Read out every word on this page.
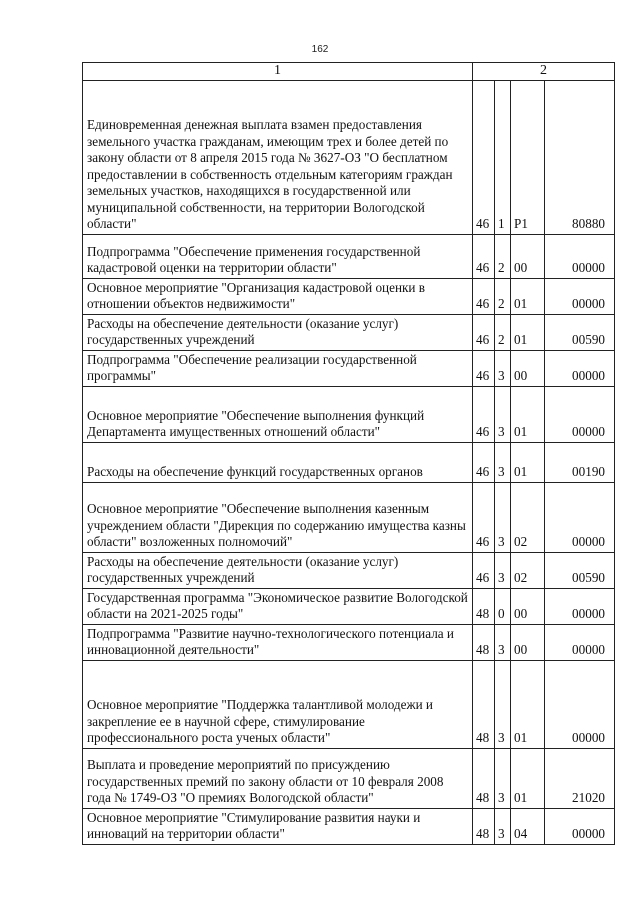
162
1	2			
Единовременная денежная выплата взамен предоставления земельного участка гражданам, имеющим трех и более детей по закону области от 8 апреля 2015 года № 3627-ОЗ "О бесплатном предоставлении в собственность отдельным категориям граждан земельных участков, находящихся в государственной или муниципальной собственности, на территории Вологодской области"	46	1	P1	80880
Подпрограмма "Обеспечение применения государственной кадастровой оценки на территории области"	46	2	00	00000
Основное мероприятие "Организация кадастровой оценки в отношении объектов недвижимости"	46	2	01	00000
Расходы на обеспечение деятельности (оказание услуг) государственных учреждений	46	2	01	00590
Подпрограмма "Обеспечение реализации государственной программы"	46	3	00	00000
Основное мероприятие "Обеспечение выполнения функций Департамента имущественных отношений области"	46	3	01	00000
Расходы на обеспечение функций государственных органов	46	3	01	00190
Основное мероприятие "Обеспечение выполнения казенным учреждением области "Дирекция по содержанию имущества казны области" возложенных полномочий"	46	3	02	00000
Расходы на обеспечение деятельности (оказание услуг) государственных учреждений	46	3	02	00590
Государственная программа "Экономическое развитие Вологодской области на 2021-2025 годы"	48	0	00	00000
Подпрограмма "Развитие научно-технологического потенциала и инновационной деятельности"	48	3	00	00000
Основное мероприятие "Поддержка талантливой молодежи и закрепление ее в научной сфере, стимулирование профессионального роста ученых области"	48	3	01	00000
Выплата и проведение мероприятий по присуждению государственных премий по закону области от 10 февраля 2008 года № 1749-ОЗ "О премиях Вологодской области"	48	3	01	21020
Основное мероприятие "Стимулирование развития науки и инноваций на территории области"	48	3	04	00000
